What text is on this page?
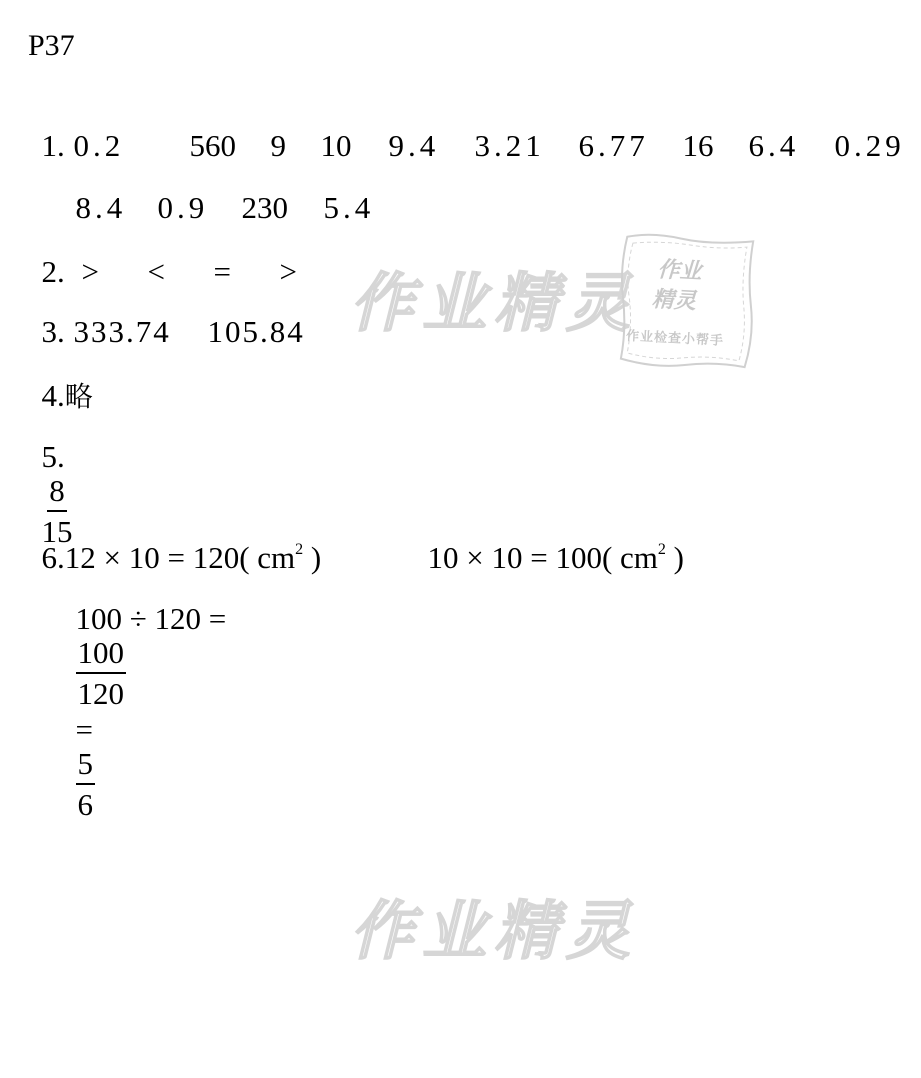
作业精灵
作业精灵
作业
精灵
作业检查小帮手
P37

1. 0.2 560 9 10 9.4 3.21 6.77 16 6.4 0.29

8.4 0.9 230 5.4

2. > < = >

3. 333.74 105.84

4.略

5.

$\frac{8}{15}$

6.12 × 10 = 120( $cm^2$ )	10 × 10 = 100( $cm^2$ )

100 ÷ 120 =

$\frac{100}{120}$

=

$\frac{5}{6}$
